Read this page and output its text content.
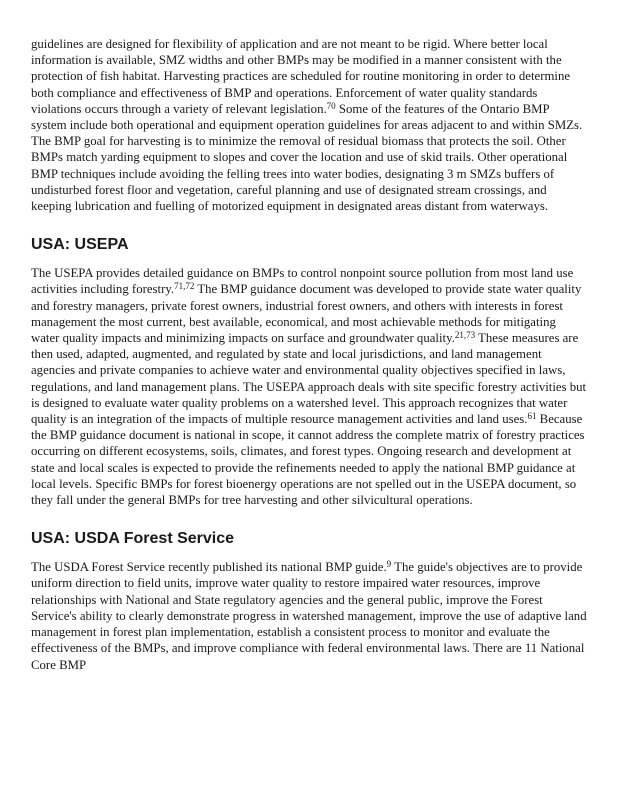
guidelines are designed for flexibility of application and are not meant to be rigid. Where better local information is available, SMZ widths and other BMPs may be modified in a manner consistent with the protection of fish habitat. Harvesting practices are scheduled for routine monitoring in order to determine both compliance and effectiveness of BMP and operations. Enforcement of water quality standards violations occurs through a variety of relevant legislation.$^{70}$ Some of the features of the Ontario BMP system include both operational and equipment operation guidelines for areas adjacent to and within SMZs. The BMP goal for harvesting is to minimize the removal of residual biomass that protects the soil. Other BMPs match yarding equipment to slopes and cover the location and use of skid trails. Other operational BMP techniques include avoiding the felling trees into water bodies, designating 3 m SMZs buffers of undisturbed forest floor and vegetation, careful planning and use of designated stream crossings, and keeping lubrication and fuelling of motorized equipment in designated areas distant from waterways.

USA: USEPA

The USEPA provides detailed guidance on BMPs to control nonpoint source pollution from most land use activities including forestry.$^{71,72}$ The BMP guidance document was developed to provide state water quality and forestry managers, private forest owners, industrial forest owners, and others with interests in forest management the most current, best available, economical, and most achievable methods for mitigating water quality impacts and minimizing impacts on surface and groundwater quality.$^{21,73}$ These measures are then used, adapted, augmented, and regulated by state and local jurisdictions, and land management agencies and private companies to achieve water and environmental quality objectives specified in laws, regulations, and land management plans. The USEPA approach deals with site specific forestry activities but is designed to evaluate water quality problems on a watershed level. This approach recognizes that water quality is an integration of the impacts of multiple resource management activities and land uses.$^{61}$ Because the BMP guidance document is national in scope, it cannot address the complete matrix of forestry practices occurring on different ecosystems, soils, climates, and forest types. Ongoing research and development at state and local scales is expected to provide the refinements needed to apply the national BMP guidance at local levels. Specific BMPs for forest bioenergy operations are not spelled out in the USEPA document, so they fall under the general BMPs for tree harvesting and other silvicultural operations.

USA: USDA Forest Service

The USDA Forest Service recently published its national BMP guide.$^9$ The guide's objectives are to provide uniform direction to field units, improve water quality to restore impaired water resources, improve relationships with National and State regulatory agencies and the general public, improve the Forest Service's ability to clearly demonstrate progress in watershed management, improve the use of adaptive land management in forest plan implementation, establish a consistent process to monitor and evaluate the effectiveness of the BMPs, and improve compliance with federal environmental laws. There are 11 National Core BMP
